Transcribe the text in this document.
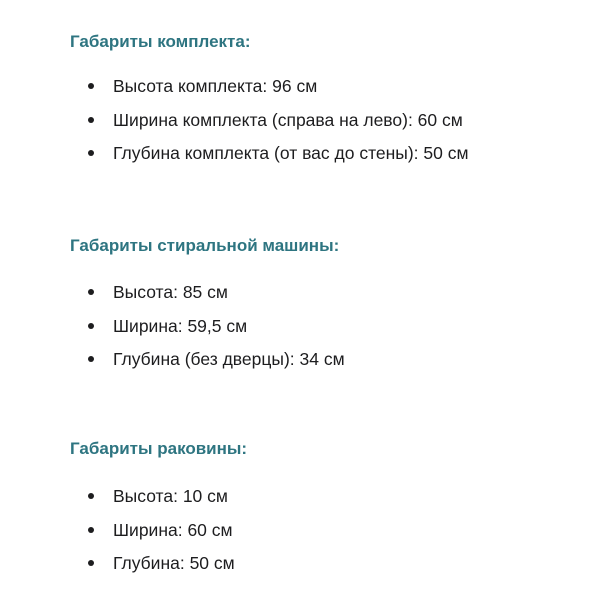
Габариты комплекта:
Высота комплекта: 96 см
Ширина комплекта (справа на лево): 60 см
Глубина комплекта (от вас до стены): 50 см
Габариты стиральной машины:
Высота: 85 см
Ширина: 59,5 см
Глубина (без дверцы): 34 см
Габариты раковины:
Высота: 10 см
Ширина: 60 см
Глубина: 50 см
